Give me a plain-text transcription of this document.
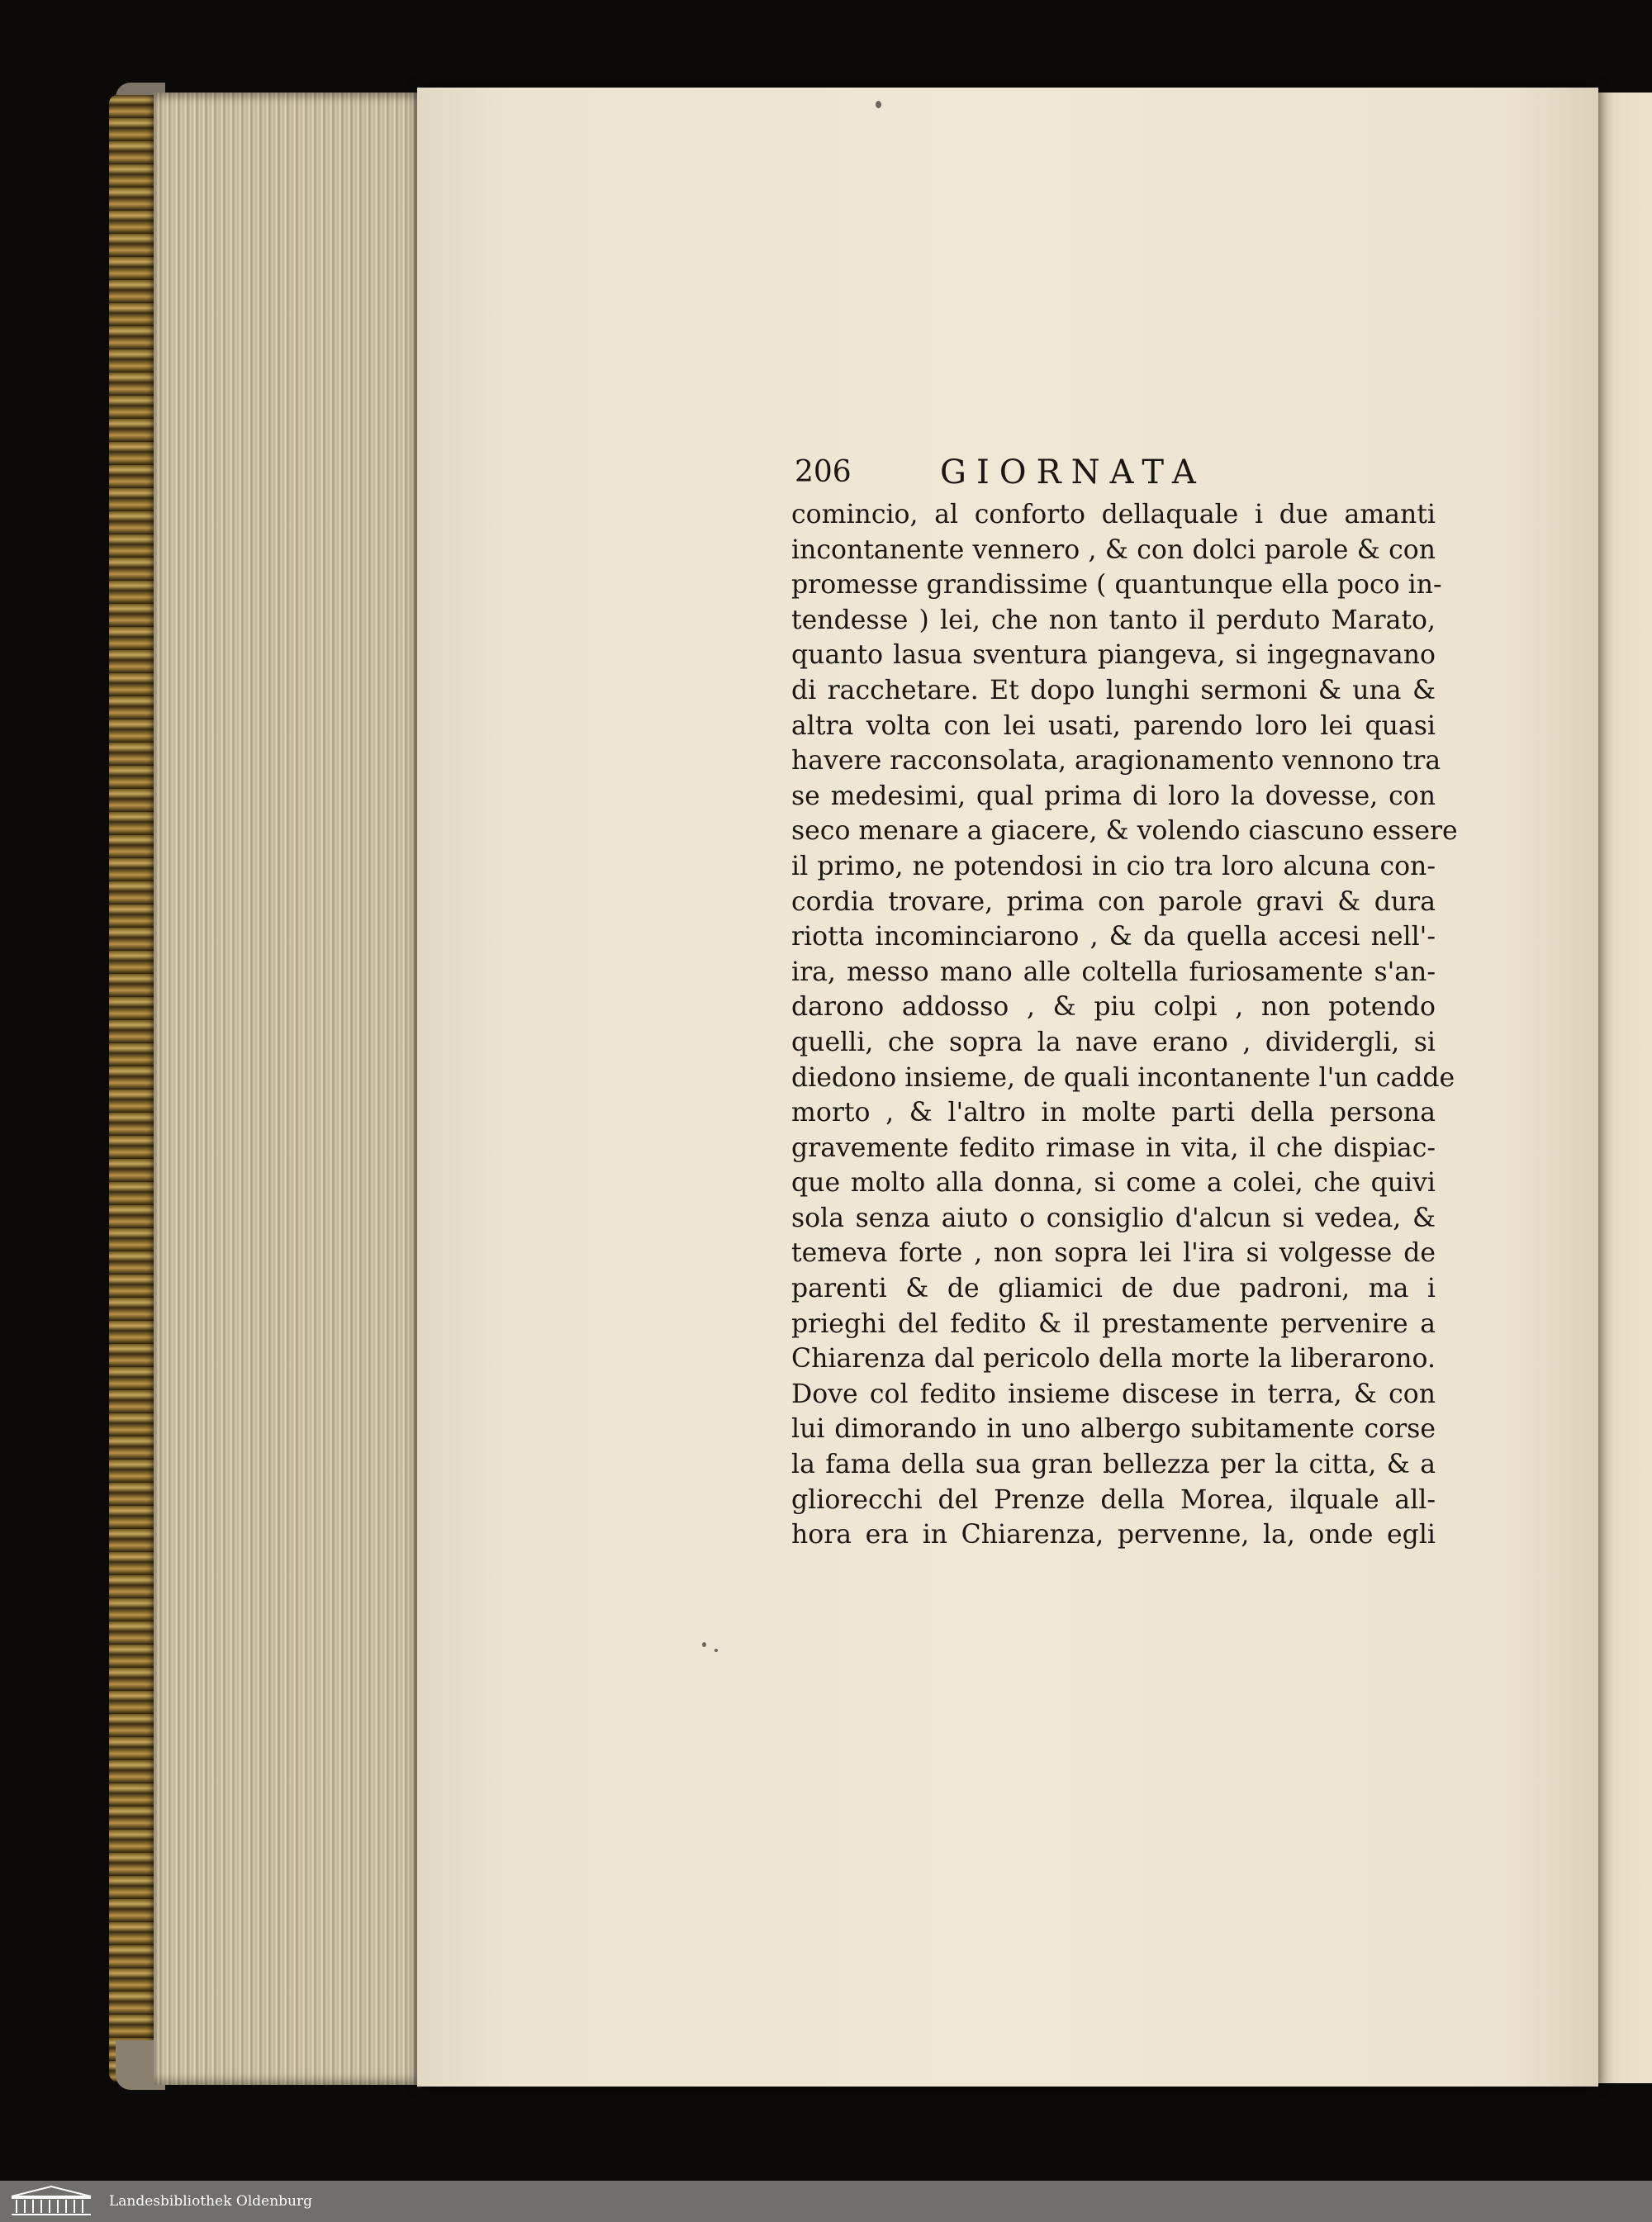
206	GIORNATA
comincio, al conforto dellaquale i due amanti
incontanente vennero , & con dolci parole & con
promesse grandissime ( quantunque ella poco in-
tendesse ) lei, che non tanto il perduto Marato,
quanto lasua sventura piangeva, si ingegnavano
di racchetare. Et dopo lunghi sermoni & una &
altra volta con lei usati, parendo loro lei quasi
havere racconsolata, aragionamento vennono tra
se medesimi, qual prima di loro la dovesse, con
seco menare a giacere, & volendo ciascuno essere
il primo, ne potendosi in cio tra loro alcuna con-
cordia trovare, prima con parole gravi & dura
riotta incominciarono , & da quella accesi nell'-
ira, messo mano alle coltella furiosamente s'an-
darono addosso , & piu colpi , non potendo
quelli, che sopra la nave erano , dividergli, si
diedono insieme, de quali incontanente l'un cadde
morto , & l'altro in molte parti della persona
gravemente fedito rimase in vita, il che dispiac-
que molto alla donna, si come a colei, che quivi
sola senza aiuto o consiglio d'alcun si vedea, &
temeva forte , non sopra lei l'ira si volgesse de
parenti & de gliamici de due padroni, ma i
prieghi del fedito & il prestamente pervenire a
Chiarenza dal pericolo della morte la liberarono.
Dove col fedito insieme discese in terra, & con
lui dimorando in uno albergo subitamente corse
la fama della sua gran bellezza per la citta, & a
gliorecchi del Prenze della Morea, ilquale all-
hora era in Chiarenza, pervenne, la, onde egli
Landesbibliothek Oldenburg
